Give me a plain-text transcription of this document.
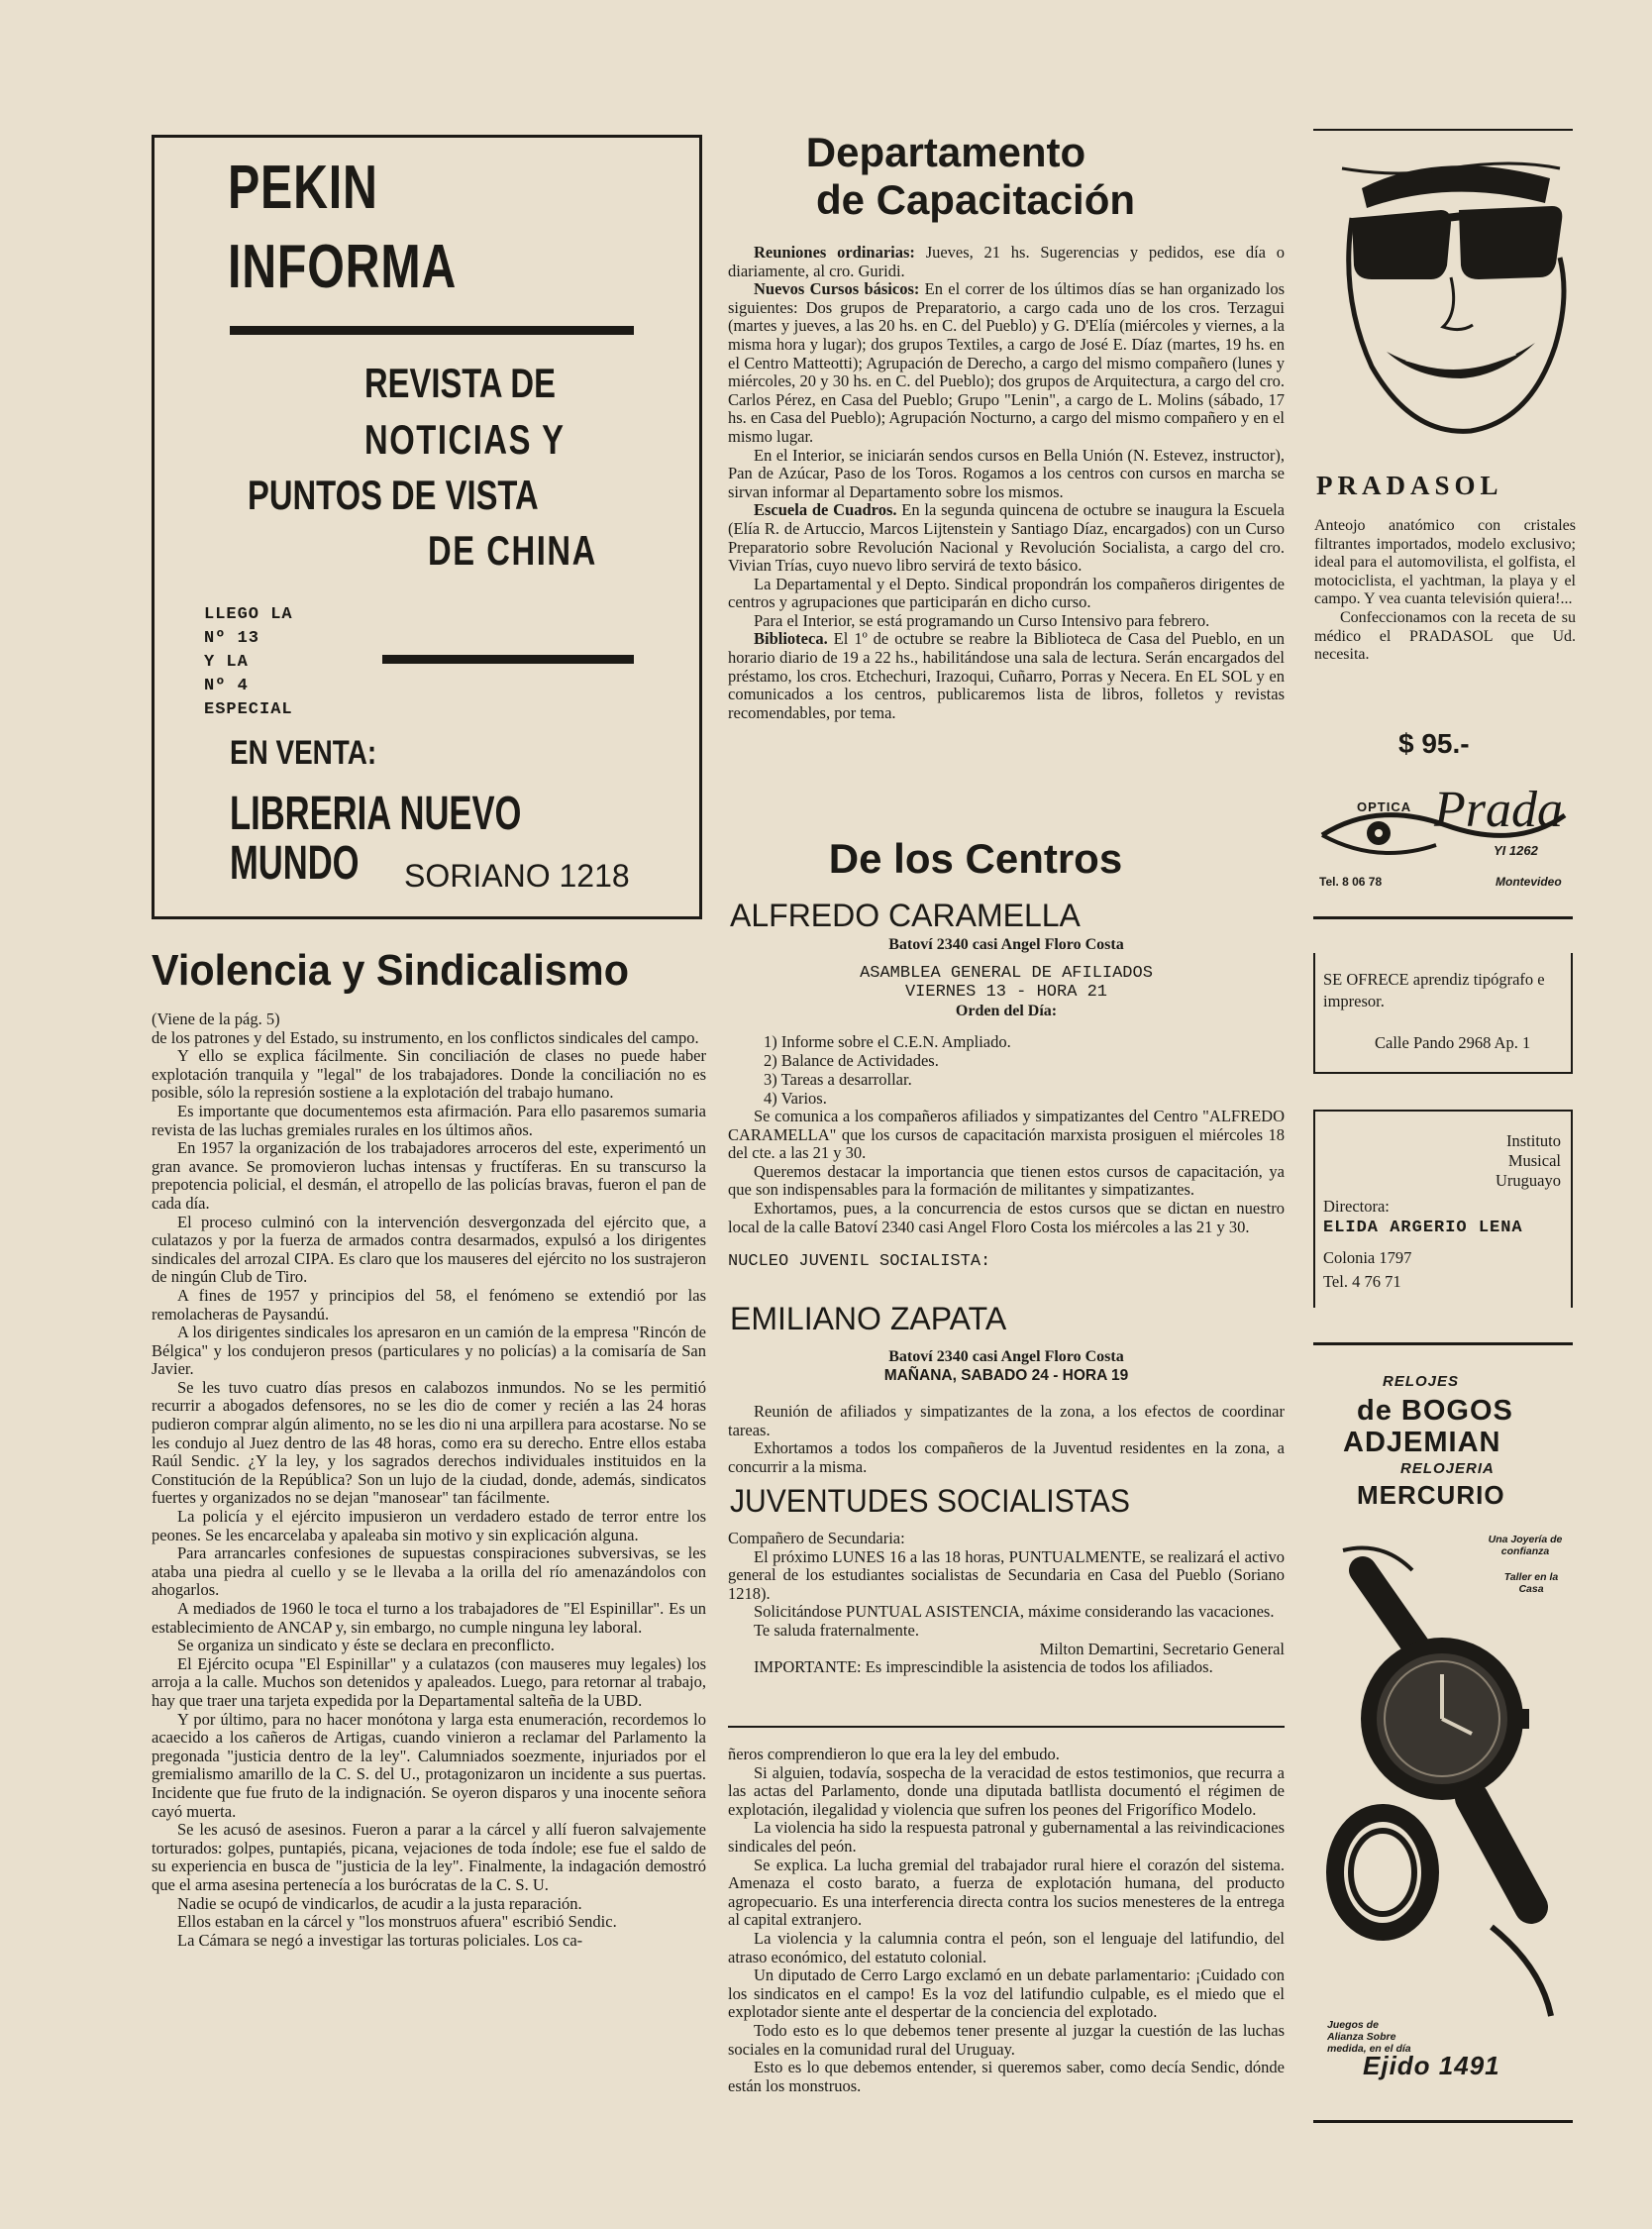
PEKIN
INFORMA
REVISTA DE
NOTICIAS Y
PUNTOS DE VISTA
DE CHINA
LLEGO LA
Nº 13
Y LA
Nº 4
ESPECIAL
EN VENTA:
LIBRERIA NUEVO MUNDO	SORIANO 1218
Violencia y Sindicalismo

(Viene de la pág. 5)

de los patrones y del Estado, su instrumento, en los conflictos sindicales del campo.

Y ello se explica fácilmente. Sin conciliación de clases no puede haber explotación tranquila y "legal" de los trabajadores. Donde la conciliación no es posible, sólo la represión sostiene a la explotación del trabajo humano.

Es importante que documentemos esta afirmación. Para ello pasaremos sumaria revista de las luchas gremiales rurales en los últimos años.

En 1957 la organización de los trabajadores arroceros del este, experimentó un gran avance. Se promovieron luchas intensas y fructíferas. En su transcurso la prepotencia policial, el desmán, el atropello de las policías bravas, fueron el pan de cada día.

El proceso culminó con la intervención desvergonzada del ejército que, a culatazos y por la fuerza de armados contra desarmados, expulsó a los dirigentes sindicales del arrozal CIPA. Es claro que los mauseres del ejército no los sustrajeron de ningún Club de Tiro.

A fines de 1957 y principios del 58, el fenómeno se extendió por las remolacheras de Paysandú.

A los dirigentes sindicales los apresaron en un camión de la empresa "Rincón de Bélgica" y los condujeron presos (particulares y no policías) a la comisaría de San Javier.

Se les tuvo cuatro días presos en calabozos inmundos. No se les permitió recurrir a abogados defensores, no se les dio de comer y recién a las 24 horas pudieron comprar algún alimento, no se les dio ni una arpillera para acostarse. No se les condujo al Juez dentro de las 48 horas, como era su derecho. Entre ellos estaba Raúl Sendic. ¿Y la ley, y los sagrados derechos individuales instituidos en la Constitución de la República? Son un lujo de la ciudad, donde, además, sindicatos fuertes y organizados no se dejan "manosear" tan fácilmente.

La policía y el ejército impusieron un verdadero estado de terror entre los peones. Se les encarcelaba y apaleaba sin motivo y sin explicación alguna.

Para arrancarles confesiones de supuestas conspiraciones subversivas, se les ataba una piedra al cuello y se le llevaba a la orilla del río amenazándolos con ahogarlos.

A mediados de 1960 le toca el turno a los trabajadores de "El Espinillar". Es un establecimiento de ANCAP y, sin embargo, no cumple ninguna ley laboral.

Se organiza un sindicato y éste se declara en preconflicto.

El Ejército ocupa "El Espinillar" y a culatazos (con mauseres muy legales) los arroja a la calle. Muchos son detenidos y apaleados. Luego, para retornar al trabajo, hay que traer una tarjeta expedida por la Departamental salteña de la UBD.

Y por último, para no hacer monótona y larga esta enumeración, recordemos lo acaecido a los cañeros de Artigas, cuando vinieron a reclamar del Parlamento la pregonada "justicia dentro de la ley". Calumniados soezmente, injuriados por el gremialismo amarillo de la C. S. del U., protagonizaron un incidente a sus puertas. Incidente que fue fruto de la indignación. Se oyeron disparos y una inocente señora cayó muerta.

Se les acusó de asesinos. Fueron a parar a la cárcel y allí fueron salvajemente torturados: golpes, puntapiés, picana, vejaciones de toda índole; ese fue el saldo de su experiencia en busca de "justicia de la ley". Finalmente, la indagación demostró que el arma asesina pertenecía a los burócratas de la C. S. U.

Nadie se ocupó de vindicarlos, de acudir a la justa reparación.

Ellos estaban en la cárcel y "los monstruos afuera" escribió Sendic.

La Cámara se negó a investigar las torturas policiales. Los ca-

Departamento
de Capacitación

Reuniones ordinarias: Jueves, 21 hs. Sugerencias y pedidos, ese día o diariamente, al cro. Guridi.

Nuevos Cursos básicos: En el correr de los últimos días se han organizado los siguientes: Dos grupos de Preparatorio, a cargo cada uno de los cros. Terzagui (martes y jueves, a las 20 hs. en C. del Pueblo) y G. D'Elía (miércoles y viernes, a la misma hora y lugar); dos grupos Textiles, a cargo de José E. Díaz (martes, 19 hs. en el Centro Matteotti); Agrupación de Derecho, a cargo del mismo compañero (lunes y miércoles, 20 y 30 hs. en C. del Pueblo); dos grupos de Arquitectura, a cargo del cro. Carlos Pérez, en Casa del Pueblo; Grupo "Lenin", a cargo de L. Molins (sábado, 17 hs. en Casa del Pueblo); Agrupación Nocturno, a cargo del mismo compañero y en el mismo lugar.

En el Interior, se iniciarán sendos cursos en Bella Unión (N. Estevez, instructor), Pan de Azúcar, Paso de los Toros. Rogamos a los centros con cursos en marcha se sirvan informar al Departamento sobre los mismos.

Escuela de Cuadros. En la segunda quincena de octubre se inaugura la Escuela (Elía R. de Artuccio, Marcos Lijtenstein y Santiago Díaz, encargados) con un Curso Preparatorio sobre Revolución Nacional y Revolución Socialista, a cargo del cro. Vivian Trías, cuyo nuevo libro servirá de texto básico.

La Departamental y el Depto. Sindical propondrán los compañeros dirigentes de centros y agrupaciones que participarán en dicho curso.

Para el Interior, se está programando un Curso Intensivo para febrero.

Biblioteca. El 1º de octubre se reabre la Biblioteca de Casa del Pueblo, en un horario diario de 19 a 22 hs., habilitándose una sala de lectura. Serán encargados del préstamo, los cros. Etchechuri, Irazoqui, Cuñarro, Porras y Necera. En EL SOL y en comunicados a los centros, publicaremos lista de libros, folletos y revistas recomendables, por tema.

De los Centros
ALFREDO CARAMELLA
Batoví 2340 casi Angel Floro Costa
ASAMBLEA GENERAL DE AFILIADOS
VIERNES 13 - HORA 21
Orden del Día:
1) Informe sobre el C.E.N. Ampliado.
2) Balance de Actividades.
3) Tareas a desarrollar.
4) Varios.

Se comunica a los compañeros afiliados y simpatizantes del Centro "ALFREDO CARAMELLA" que los cursos de capacitación marxista prosiguen el miércoles 18 del cte. a las 21 y 30.

Queremos destacar la importancia que tienen estos cursos de capacitación, ya que son indispensables para la formación de militantes y simpatizantes.

Exhortamos, pues, a la concurrencia de estos cursos que se dictan en nuestro local de la calle Batoví 2340 casi Angel Floro Costa los miércoles a las 21 y 30.

NUCLEO JUVENIL SOCIALISTA:
EMILIANO ZAPATA
Batoví 2340 casi Angel Floro Costa
MAÑANA, SABADO 24 - HORA 19

Reunión de afiliados y simpatizantes de la zona, a los efectos de coordinar tareas.

Exhortamos a todos los compañeros de la Juventud residentes en la zona, a concurrir a la misma.

JUVENTUDES SOCIALISTAS

Compañero de Secundaria:

El próximo LUNES 16 a las 18 horas, PUNTUALMENTE, se realizará el activo general de los estudiantes socialistas de Secundaria en Casa del Pueblo (Soriano 1218).

Solicitándose PUNTUAL ASISTENCIA, máxime considerando las vacaciones.

Te saluda fraternalmente.

Milton Demartini, Secretario General

IMPORTANTE: Es imprescindible la asistencia de todos los afiliados.

ñeros comprendieron lo que era la ley del embudo.

Si alguien, todavía, sospecha de la veracidad de estos testimonios, que recurra a las actas del Parlamento, donde una diputada batllista documentó el régimen de explotación, ilegalidad y violencia que sufren los peones del Frigorífico Modelo.

La violencia ha sido la respuesta patronal y gubernamental a las reivindicaciones sindicales del peón.

Se explica. La lucha gremial del trabajador rural hiere el corazón del sistema. Amenaza el costo barato, a fuerza de explotación humana, del producto agropecuario. Es una interferencia directa contra los sucios menesteres de la entrega al capital extranjero.

La violencia y la calumnia contra el peón, son el lenguaje del latifundio, del atraso económico, del estatuto colonial.

Un diputado de Cerro Largo exclamó en un debate parlamentario: ¡Cuidado con los sindicatos en el campo! Es la voz del latifundio culpable, es el miedo que el explotador siente ante el despertar de la conciencia del explotado.

Todo esto es lo que debemos tener presente al juzgar la cuestión de las luchas sociales en la comunidad rural del Uruguay.

Esto es lo que debemos entender, si queremos saber, como decía Sendic, dónde están los monstruos.

PRADASOL

Anteojo anatómico con cristales filtrantes importados, modelo exclusivo; ideal para el automovilista, el golfista, el motociclista, el yachtman, la playa y el campo. Y vea cuanta televisión quiera!...

Confeccionamos con la receta de su médico el PRADASOL que Ud. necesita.

$ 95.-
OPTICA Prada
YI 1262
Tel. 8 06 78	Montevideo
SE OFRECE aprendiz tipógrafo e impresor.
Calle Pando 2968 Ap. 1
Instituto
Musical
Uruguayo
Directora:
ELIDA ARGERIO LENA
Colonia 1797
Tel. 4 76 71
RELOJES
de BOGOS
ADJEMIAN
RELOJERIA
MERCURIO
Una Joyería de confianza
Taller en la Casa
Juegos de Alianza Sobre medida, en el día
Ejido 1491
